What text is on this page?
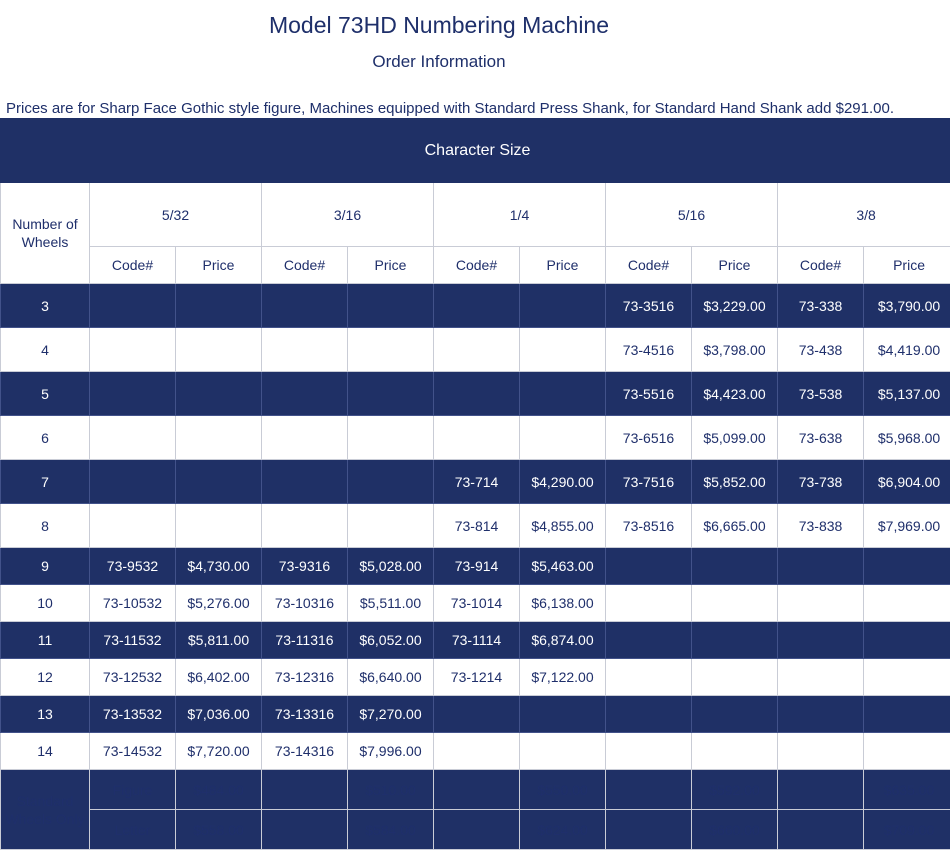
Model 73HD Numbering Machine
Order Information
Prices are for Sharp Face Gothic style figure, Machines equipped with Standard Press Shank, for Standard Hand Shank add $291.00.
Character Size										
Number of Wheels	5/32		3/16		1/4		5/16		3/8	
	Code#	Price	Code#	Price	Code#	Price	Code#	Price	Code#	Price
3							73-3516	$3,229.00	73-338	$3,790.00
4							73-4516	$3,798.00	73-438	$4,419.00
5							73-5516	$4,423.00	73-538	$5,137.00
6							73-6516	$5,099.00	73-638	$5,968.00
7					73-714	$4,290.00	73-7516	$5,852.00	73-738	$6,904.00
8					73-814	$4,855.00	73-8516	$6,665.00	73-838	$7,969.00
9	73-9532	$4,730.00	73-9316	$5,028.00	73-914	$5,463.00				
10	73-10532	$5,276.00	73-10316	$5,511.00	73-1014	$6,138.00				
11	73-11532	$5,811.00	73-11316	$6,052.00	73-1114	$6,874.00				
12	73-12532	$6,402.00	73-12316	$6,640.00	73-1214	$7,122.00				
13	73-13532	$7,036.00	73-13316	$7,270.00						
14	73-14532	$7,720.00	73-14316	$7,996.00						
Standard Wheels Only	Figure	$484.00		$510.00		$550.00		$592.00		$635.00
	Letter	$558.00		$584.00		$624.00		$660.00		$709.00
